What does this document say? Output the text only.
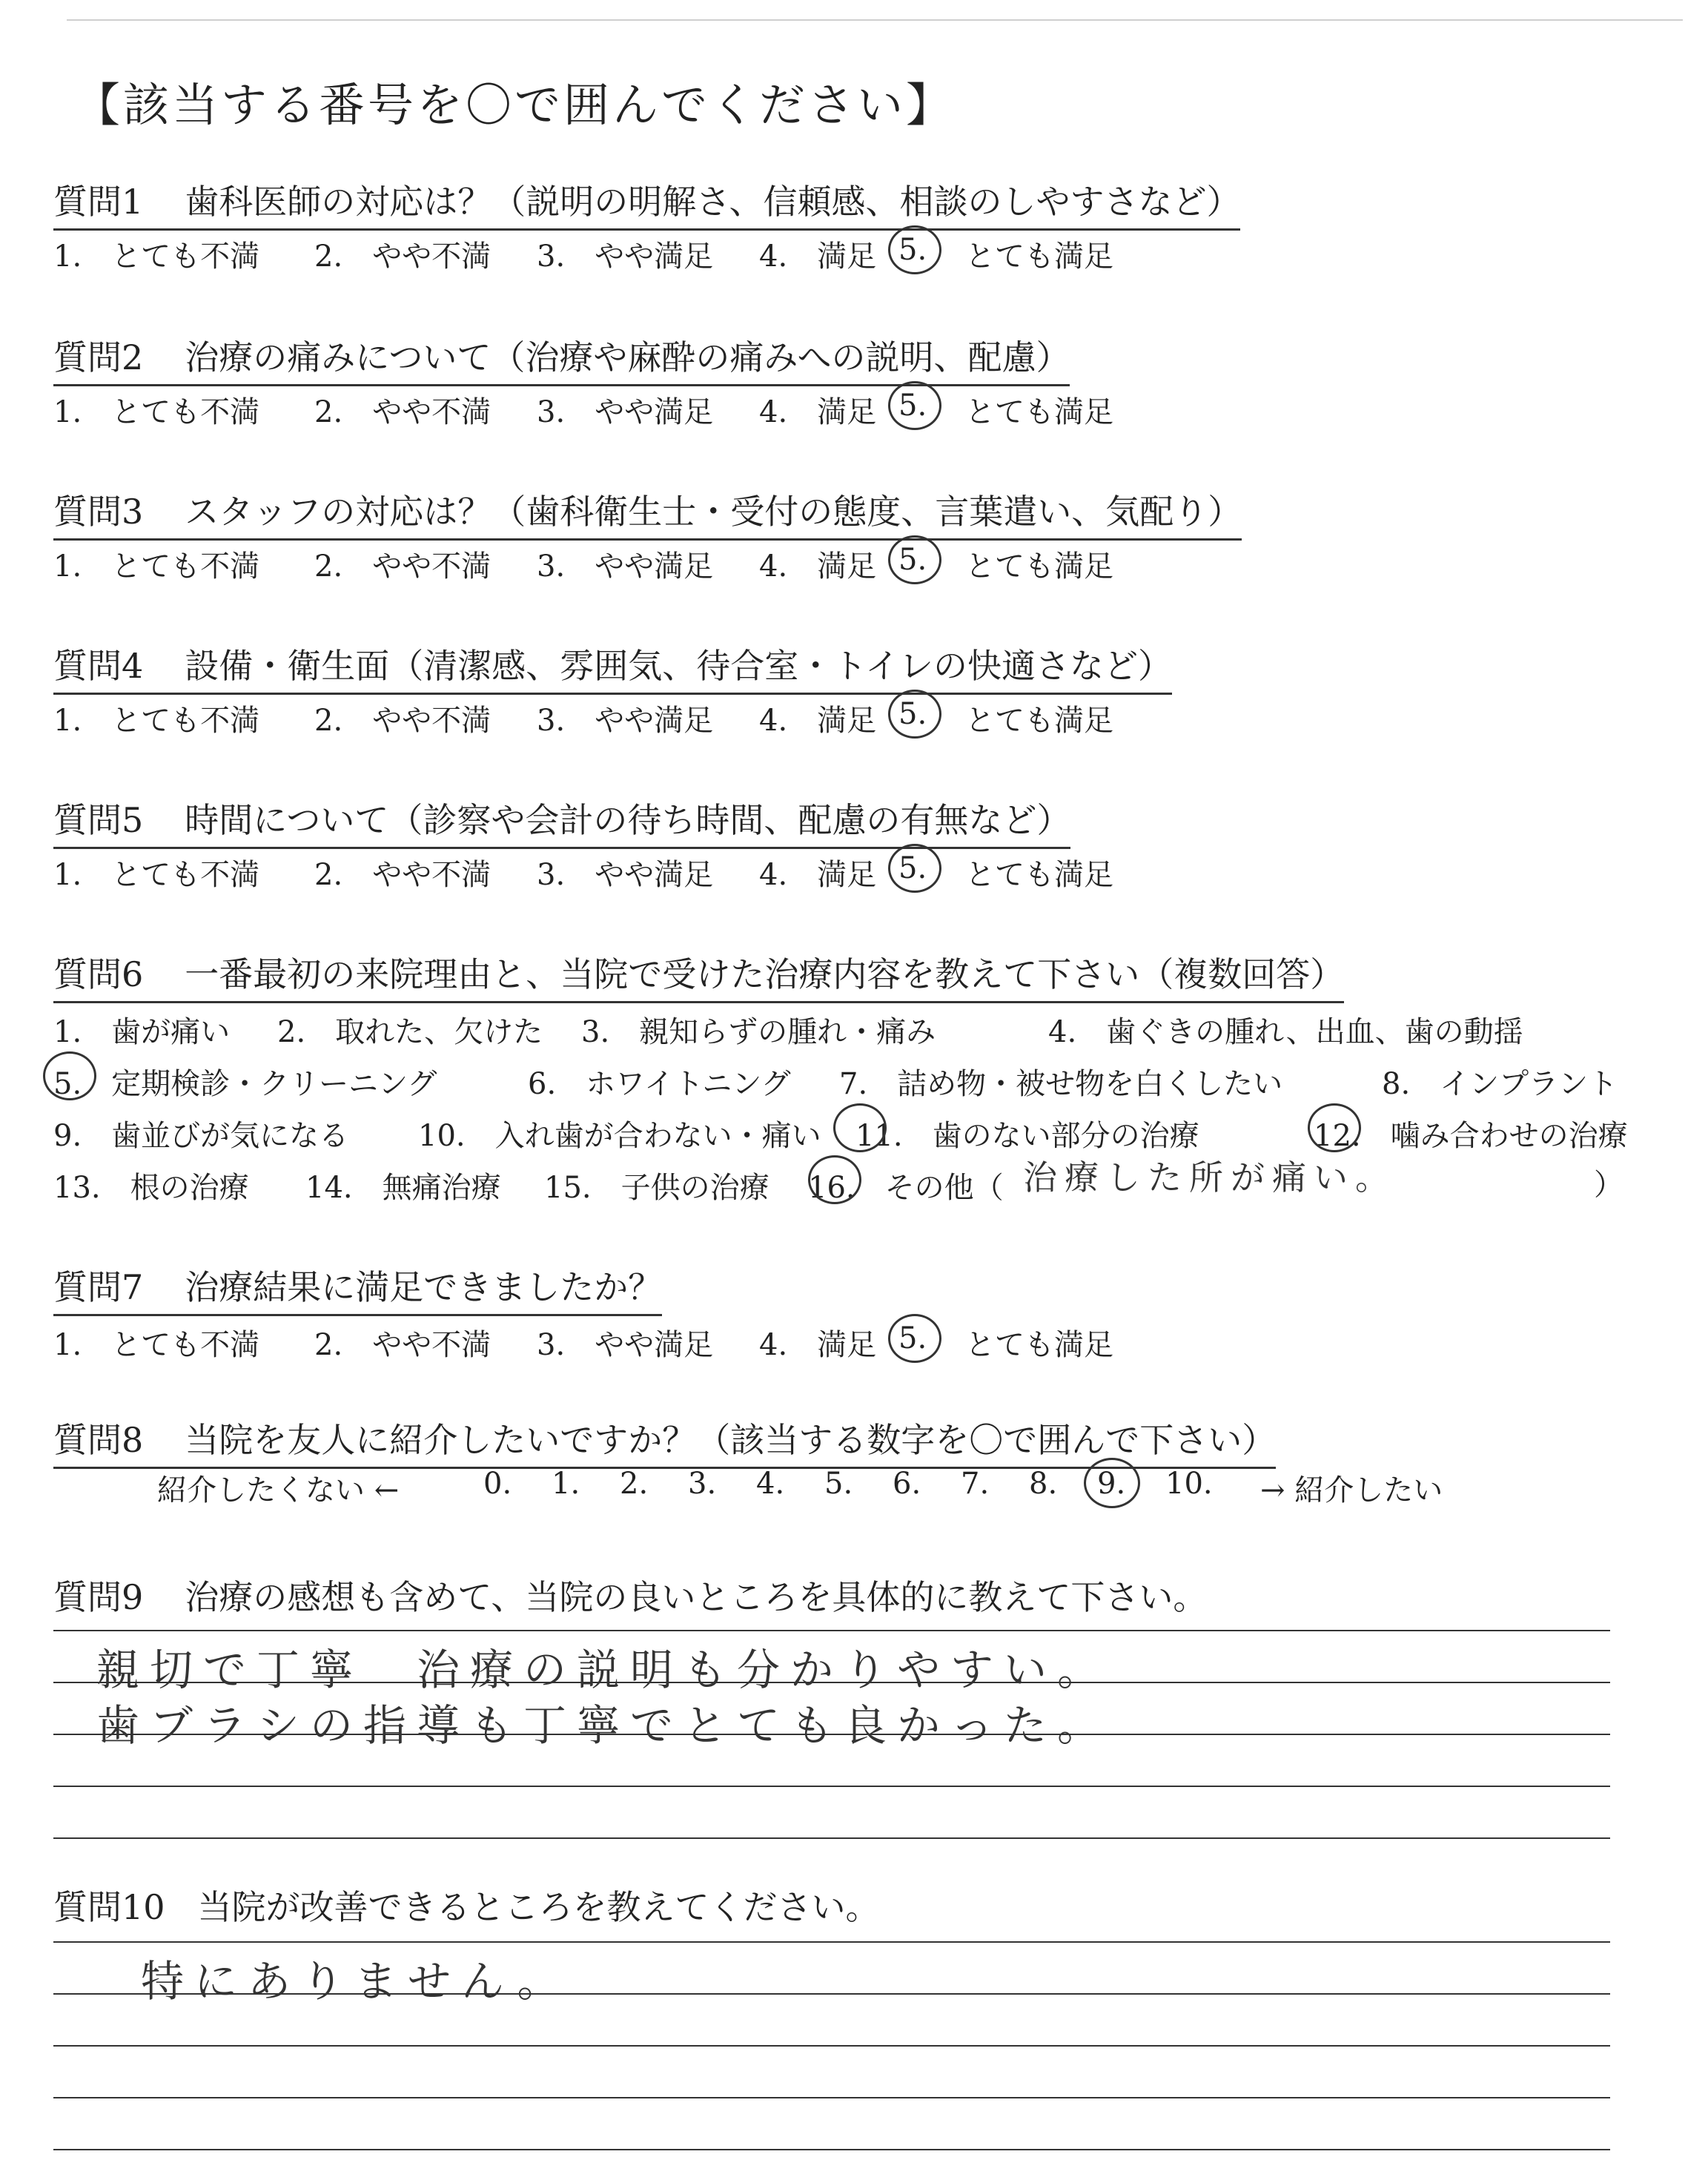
【該当する番号を〇で囲んでください】
質問1 歯科医師の対応は？（説明の明解さ、信頼感、相談のしやすさなど）
1.　とても不満 2.　やや不満 3.　やや満足 4.　満足 5. とても満足
質問2 治療の痛みについて（治療や麻酔の痛みへの説明、配慮）
1.　とても不満 2.　やや不満 3.　やや満足 4.　満足 5. とても満足
質問3 スタッフの対応は？（歯科衛生士・受付の態度、言葉遣い、気配り）
1.　とても不満 2.　やや不満 3.　やや満足 4.　満足 5. とても満足
質問4 設備・衛生面（清潔感、雰囲気、待合室・トイレの快適さなど）
1.　とても不満 2.　やや不満 3.　やや満足 4.　満足 5. とても満足
質問5 時間について（診察や会計の待ち時間、配慮の有無など）
1.　とても不満 2.　やや不満 3.　やや満足 4.　満足 5. とても満足
質問6 一番最初の来院理由と、当院で受けた治療内容を教えて下さい（複数回答）
1.　歯が痛い 2.　取れた、欠けた 3.　親知らずの腫れ・痛み	4.　歯ぐきの腫れ、出血、歯の動揺
5.　定期検診・クリーニング	6.　ホワイトニング 7.　詰め物・被せ物を白くしたい	8.　インプラント
9.　歯並びが気になる 10.　入れ歯が合わない・痛い 11.　歯のない部分の治療	12.　噛み合わせの治療
13.　根の治療 14.　無痛治療 15.　子供の治療 16.　その他（ 治療した所が痛い。	）
質問7 治療結果に満足できましたか？
1.　とても不満 2.　やや不満 3.　やや満足 4.　満足 5. とても満足
質問8 当院を友人に紹介したいですか？（該当する数字を〇で囲んで下さい）
紹介したくない ←	0. 1. 2. 3. 4. 5. 6. 7. 8. 9. 10. → 紹介したい
質問9 治療の感想も含めて、当院の良いところを具体的に教えて下さい。
親切で丁寧　治療の説明も分かりやすい。
歯ブラシの指導も丁寧でとても良かった。
質問10 当院が改善できるところを教えてください。
特にありません。
